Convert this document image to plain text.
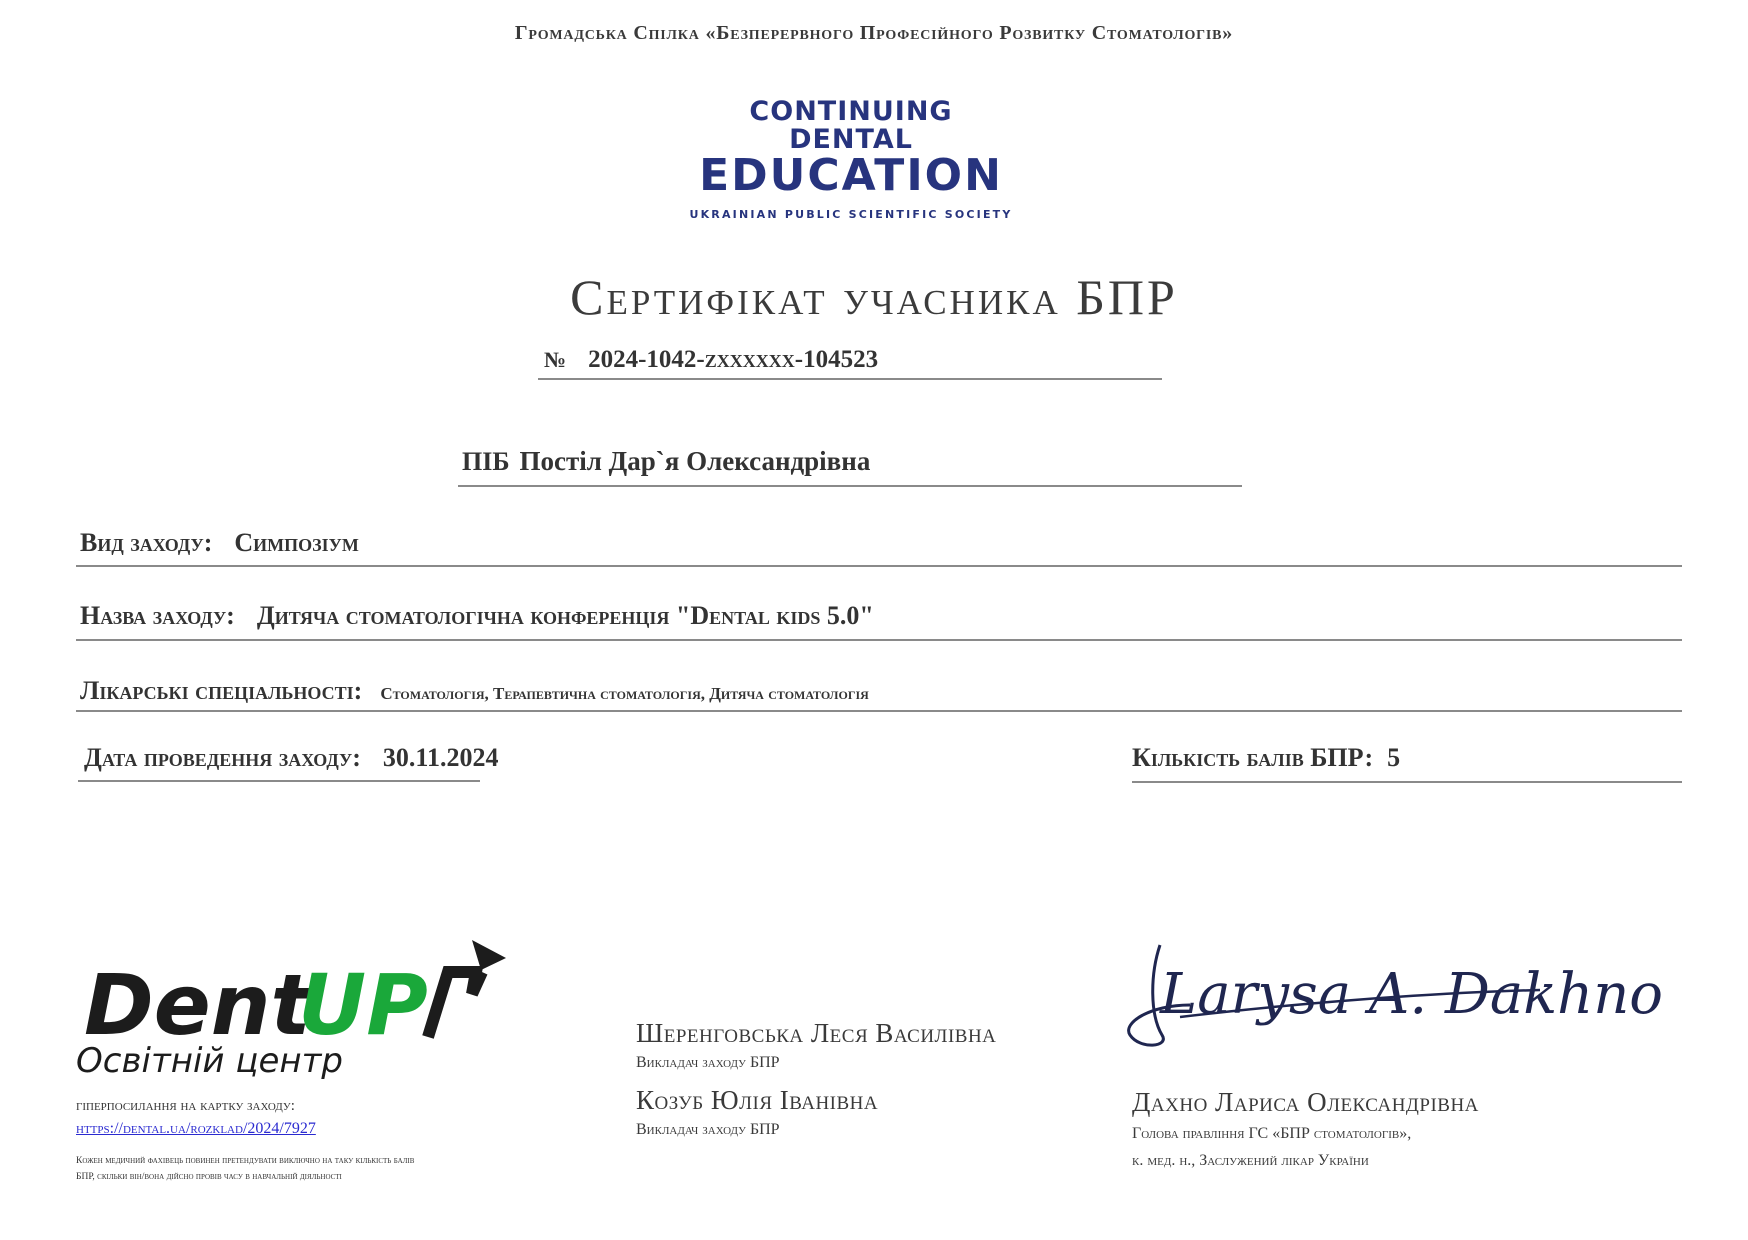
Громадська Спілка «Безперервного Професійного Розвитку Стоматологів»
CONTINUING DENTAL
EDUCATION
UKRAINIAN PUBLIC SCIENTIFIC SOCIETY
Сертифікат учасника БПР
№ 2024-1042-zxxxxxx-104523
ПІБ Постіл Дар`я Олександрівна
Вид заходу: Симпозіум
Назва заходу: Дитяча стоматологічна конференція "Dental kids 5.0"
Лікарські спеціальності: Стоматологія, Терапевтична стоматологія, Дитяча стоматологія
Дата проведення заходу: 30.11.2024	Кількість балів БПР: 5
Dent
UP
Освітній центр
гіперпосилання на картку заходу:
https://dental.ua/rozklad/2024/7927
Кожен медичний фахівець повинен претендувати виключно на таку кількість балів БПР, скільки він/вона дійсно провів часу в навчальній діяльності
Шеренговська Леся Василівна
Викладач заходу БПР
Козуб Юлія Іванівна
Викладач заходу БПР
Larysa A. Dakhno
Дахно Лариса Олександрівна
Голова правління ГС «БПР стоматологів»,
к. мед. н., Заслужений лікар України
